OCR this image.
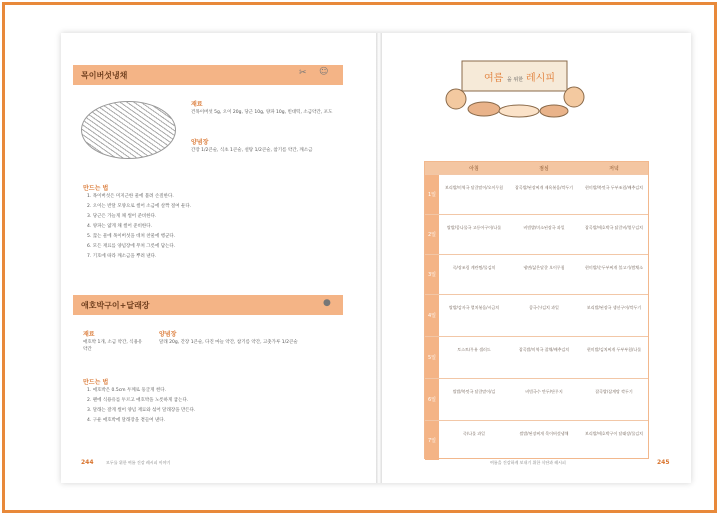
목이버섯냉채	✂ ☺
재료
건목이버섯 5g, 오이 20g, 당근 10g, 양파 10g, 빈대떡, 소금약간, 포도
양념장
간장 1/2큰술, 식초 1큰술, 설탕 1/2큰술, 참기름 약간, 깨소금
만드는 법
1. 목이버섯은 미지근한 물에 불려 손질한다.
2. 오이는 반달 모양으로 썰어 소금에 살짝 절여 둔다.
3. 당근은 가늘게 채 썰어 준비한다.
4. 양파는 얇게 채 썰어 준비한다.
5. 끓는 물에 목이버섯을 데쳐 찬물에 헹군다.
6. 모든 재료를 양념장에 무쳐 그릇에 담는다.
7. 기호에 따라 깨소금을 뿌려 낸다.
애호박구이+달래장	●
재료
애호박 1개, 소금 약간, 식용유 약간
양념장
달래 20g, 간장 1큰술, 다진 마늘 약간, 참기름 약간, 고춧가루 1/2큰술
만드는 법
1. 애호박은 0.5cm 두께로 둥글게 썬다.
2. 팬에 식용유를 두르고 애호박을 노릇하게 굽는다.
3. 달래는 잘게 썰어 양념 재료와 섞어 달래장을 만든다.
4. 구운 애호박에 달래장을 곁들여 낸다.
244	모두를 위한 여름 건강 레시피 이야기
여름 을 위한 레시피
아침	점심	저녁
1일
보리밥/미역국 달걀말이/오이무침	잡곡밥/된장찌개 제육볶음/깍두기	현미밥/북엇국 두부조림/배추김치
2일
쌀밥/콩나물국 고등어구이/나물	비빔밥/미소된장국 과일	잡곡밥/애호박국 닭갈비/열무김치
3일
죽/장조림 계란찜/물김치	냉면/삶은달걀 오이무침	현미밥/순두부찌개 불고기/쌈채소
4일
쌀밥/감자국 멸치볶음/시금치	콩국수/김치 과일	보리밥/된장국 생선구이/깍두기
5일
토스트/우유 샐러드	잡곡밥/미역국 잡채/배추김치	현미밥/김치찌개 두부부침/나물
6일
쌀밥/북엇국 달걀말이/김	비빔국수 만두/단무지	잡곡밥/삼계탕 깍두기
7일
죽/나물 과일	쌀밥/된장찌개 목이버섯냉채	보리밥/애호박구이 달래장/물김치
여름을 건강하게 보내기 위한 식단과 레시피	245
